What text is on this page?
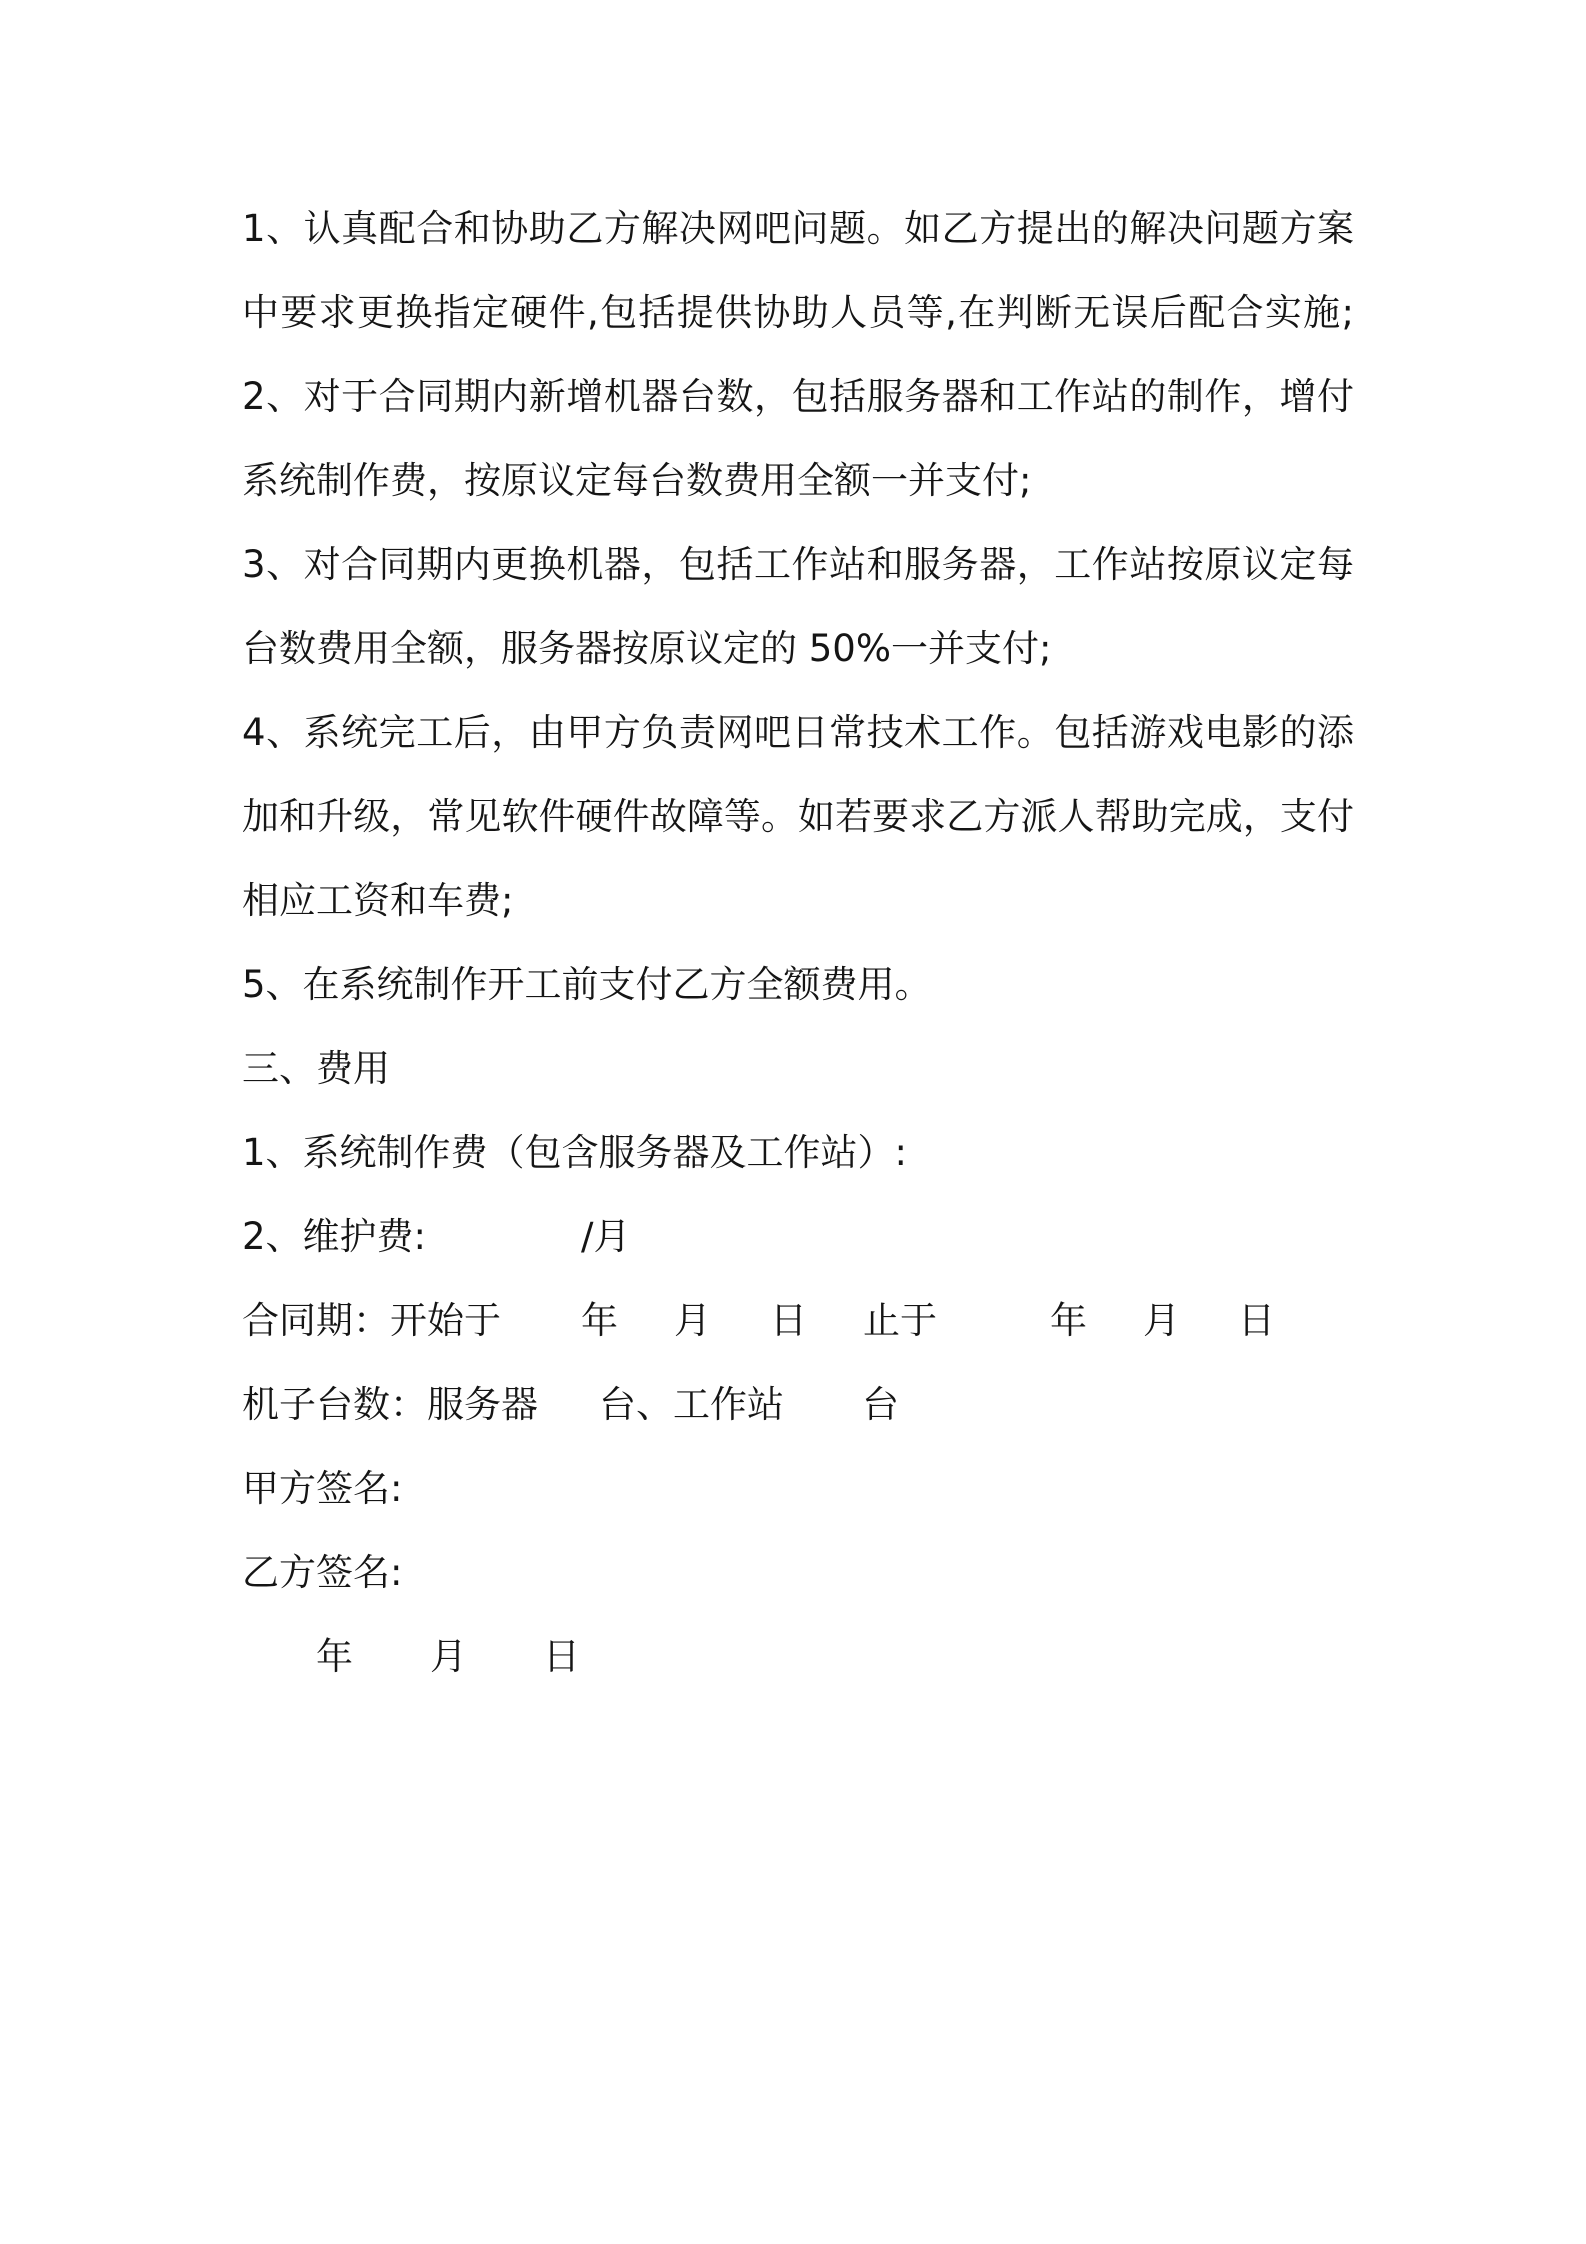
1、认真配合和协助乙方解决网吧问题。如乙方提出的解决问题方案
中要求更换指定硬件,包括提供协助人员等,在判断无误后配合实施;
2、对于合同期内新增机器台数，包括服务器和工作站的制作，增付
系统制作费，按原议定每台数费用全额一并支付;
3、对合同期内更换机器，包括工作站和服务器，工作站按原议定每
台数费用全额，服务器按原议定的 50%一并支付;
4、系统完工后，由甲方负责网吧日常技术工作。包括游戏电影的添
加和升级，常见软件硬件故障等。如若要求乙方派人帮助完成，支付
相应工资和车费;
5、在系统制作开工前支付乙方全额费用。
三、费用
1、系统制作费（包含服务器及工作站）:
2、维护费:	/月
合同期：开始于 年 月 日 止于	年 月 日
机子台数：服务器 台、工作站 台
甲方签名:
乙方签名:
年 月 日
